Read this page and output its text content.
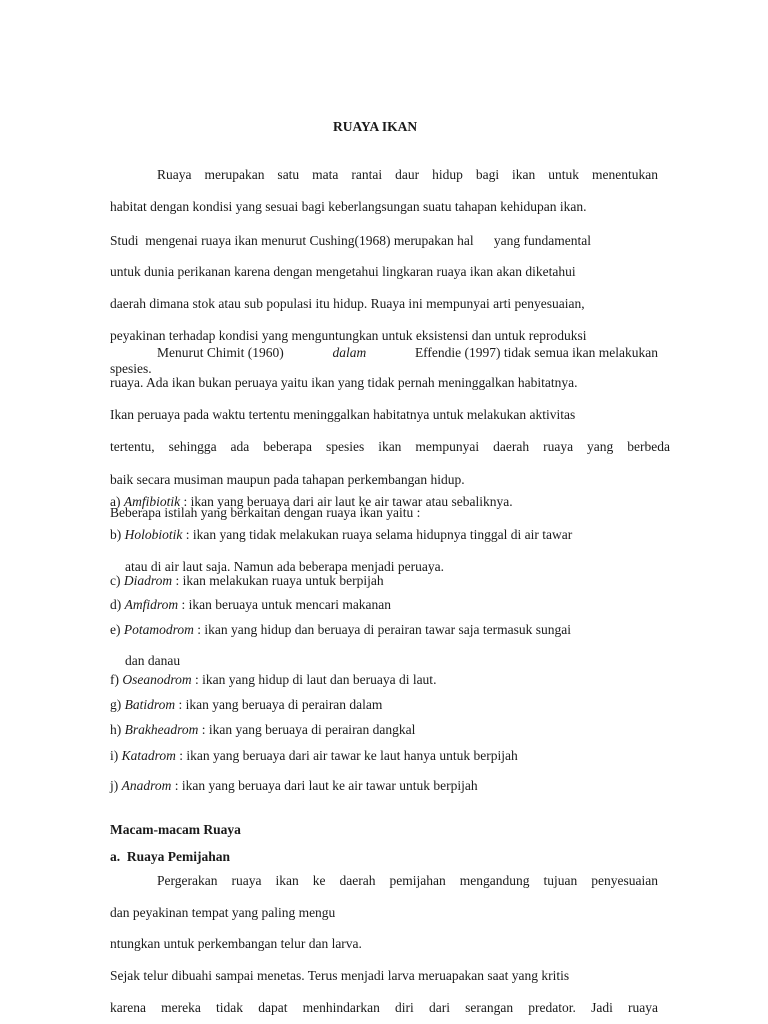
RUAYA IKAN
Ruaya merupakan satu mata rantai daur hidup bagi ikan untuk menentukan
habitat dengan kondisi yang sesuai bagi keberlangsungan suatu tahapan kehidupan ikan.
Studi  mengenai ruaya ikan menurut Cushing(1968) merupakan hal      yang fundamental
untuk dunia perikanan karena dengan mengetahui lingkaran ruaya ikan akan diketahui
daerah dimana stok atau sub populasi itu hidup. Ruaya ini mempunyai arti penyesuaian,
peyakinan terhadap kondisi yang menguntungkan untuk eksistensi dan untuk reproduksi
spesies.
Menurut Chimit (1960)	dalam	Effendie (1997) tidak semua ikan melakukan
ruaya. Ada ikan bukan peruaya yaitu ikan yang tidak pernah meninggalkan habitatnya.
Ikan peruaya pada waktu tertentu meninggalkan habitatnya untuk melakukan aktivitas
tertentu, sehingga ada beberapa spesies ikan mempunyai daerah ruaya yang berbeda
baik secara musiman maupun pada tahapan perkembangan hidup.
Beberapa istilah yang berkaitan dengan ruaya ikan yaitu :
a) Amfibiotik : ikan yang beruaya dari air laut ke air tawar atau sebaliknya.
b) Holobiotik : ikan yang tidak melakukan ruaya selama hidupnya tinggal di air tawar
atau di air laut saja. Namun ada beberapa menjadi peruaya.
c) Diadrom : ikan melakukan ruaya untuk berpijah
d) Amfidrom : ikan beruaya untuk mencari makanan
e) Potamodrom : ikan yang hidup dan beruaya di perairan tawar saja termasuk sungai
dan danau
f) Oseanodrom : ikan yang hidup di laut dan beruaya di laut.
g) Batidrom : ikan yang beruaya di perairan dalam
h) Brakheadrom : ikan yang beruaya di perairan dangkal
i) Katadrom : ikan yang beruaya dari air tawar ke laut hanya untuk berpijah
j) Anadrom : ikan yang beruaya dari laut ke air tawar untuk berpijah
Macam-macam Ruaya
a.  Ruaya Pemijahan
Pergerakan ruaya ikan ke daerah pemijahan mengandung tujuan penyesuaian
dan peyakinan tempat yang paling mengu
ntungkan untuk perkembangan telur dan larva.
Sejak telur dibuahi sampai menetas. Terus menjadi larva meruapakan saat yang kritis
karena mereka tidak dapat menhindarkan diri dari serangan predator. Jadi ruaya
